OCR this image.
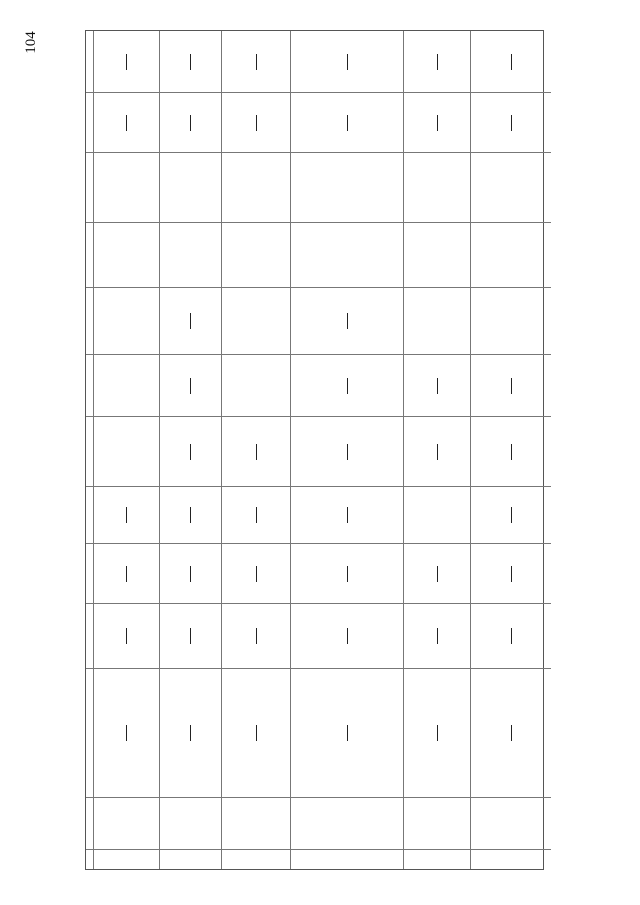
104
